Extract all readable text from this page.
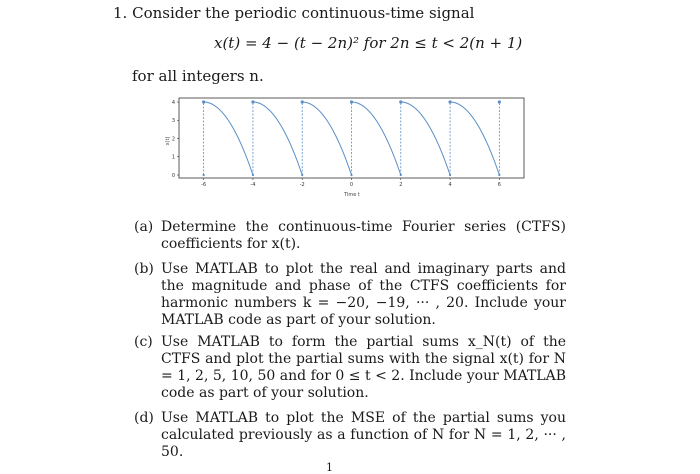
1. Consider the periodic continuous-time signal
x(t) = 4 − (t − 2n)² for 2n ≤ t < 2(n + 1)
for all integers n.
x(t)
Time t
-6	-4	-2	0	2	4	6
0
1
2
3
4
(a) Determine the continuous-time Fourier series (CTFS) coefficients for x(t).
(b) Use MATLAB to plot the real and imaginary parts and the magnitude and phase of the CTFS coefficients for harmonic numbers k = −20, −19, ··· , 20. Include your MATLAB code as part of your solution.
(c) Use MATLAB to form the partial sums x_N(t) of the CTFS and plot the partial sums with the signal x(t) for N = 1, 2, 5, 10, 50 and for 0 ≤ t < 2. Include your MATLAB code as part of your solution.
(d) Use MATLAB to plot the MSE of the partial sums you calculated previously as a function of N for N = 1, 2, ··· , 50.
1
